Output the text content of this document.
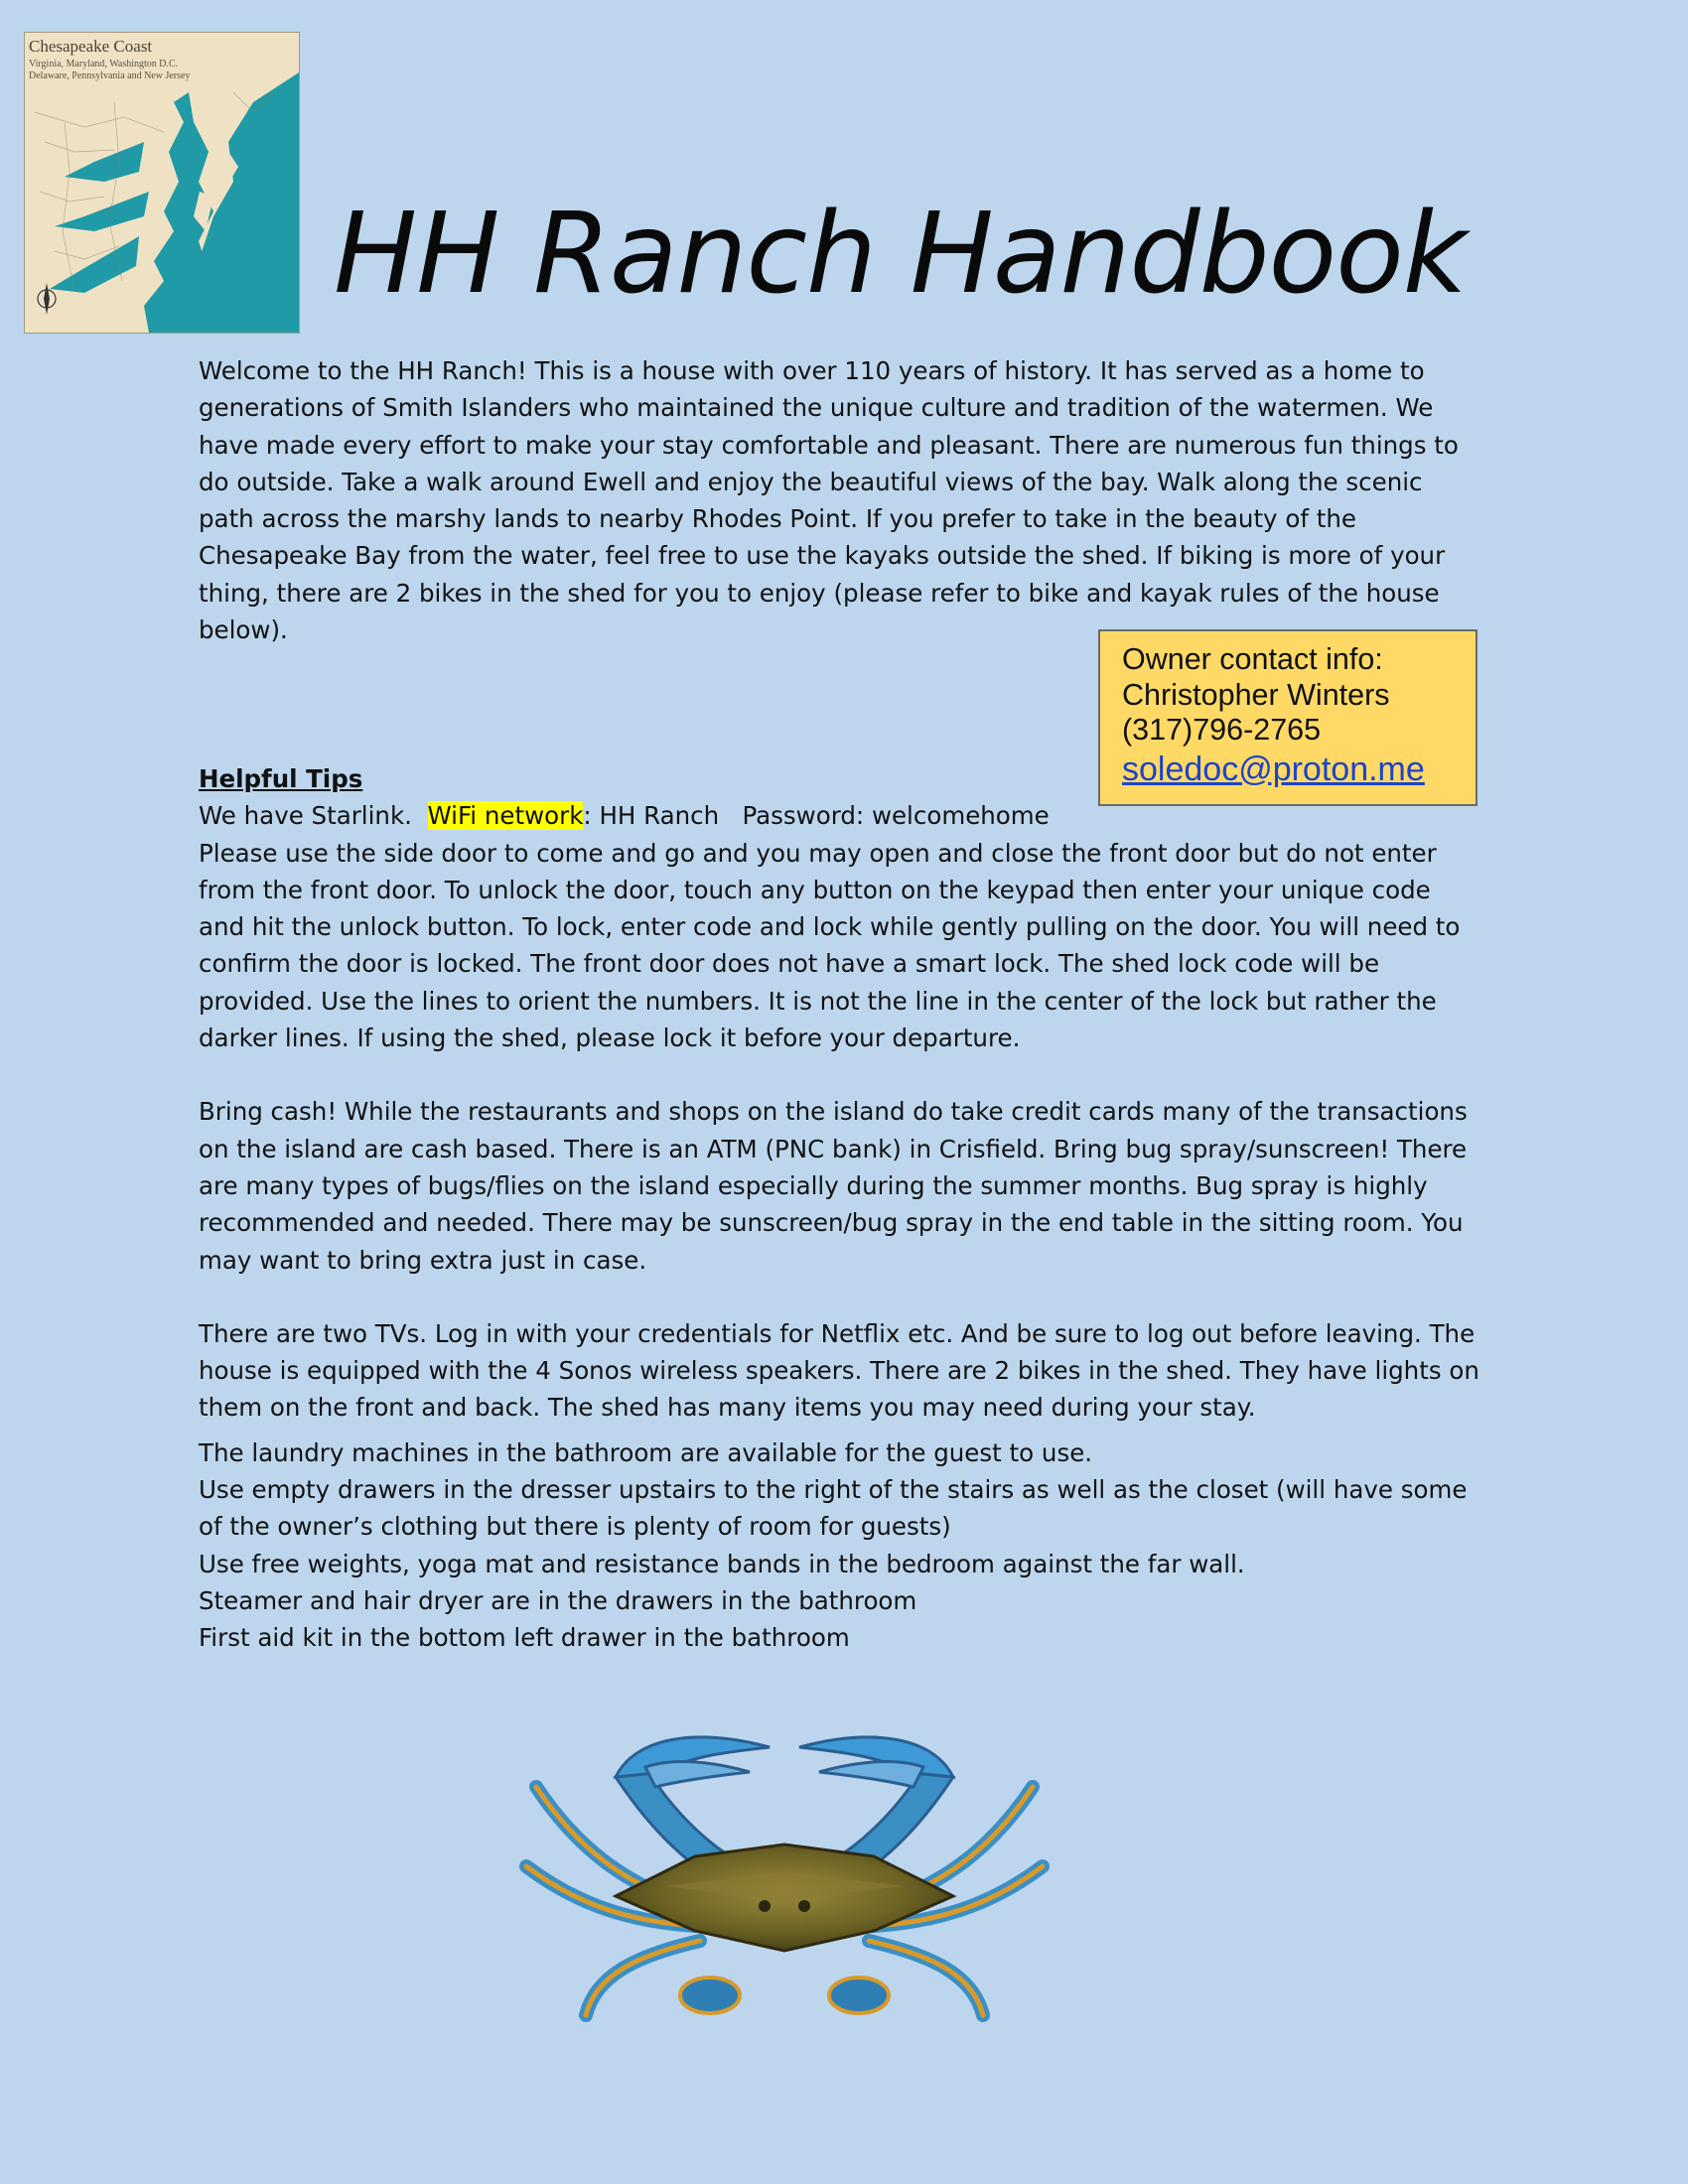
Chesapeake Coast
Virginia, Maryland, Washington D.C.
Delaware, Pennsylvania and New Jersey
HH Ranch Handbook

Welcome to the HH Ranch! This is a house with over 110 years of history. It has served as a home to generations of Smith Islanders who maintained the unique culture and tradition of the watermen. We have made every effort to make your stay comfortable and pleasant. There are numerous fun things to do outside. Take a walk around Ewell and enjoy the beautiful views of the bay. Walk along the scenic path across the marshy lands to nearby Rhodes Point. If you prefer to take in the beauty of the Chesapeake Bay from the water, feel free to use the kayaks outside the shed. If biking is more of your thing, there are 2 bikes in the shed for you to enjoy (please refer to bike and kayak rules of the house below).

Owner contact info:
Christopher Winters
(317)796-2765
soledoc@proton.me

Helpful Tips

We have Starlink.  WiFi network: HH Ranch   Password: welcomehome

Please use the side door to come and go and you may open and close the front door but do not enter from the front door. To unlock the door, touch any button on the keypad then enter your unique code and hit the unlock button. To lock, enter code and lock while gently pulling on the door. You will need to confirm the door is locked. The front door does not have a smart lock. The shed lock code will be provided. Use the lines to orient the numbers. It is not the line in the center of the lock but rather the darker lines. If using the shed, please lock it before your departure.

Bring cash! While the restaurants and shops on the island do take credit cards many of the transactions on the island are cash based. There is an ATM (PNC bank) in Crisfield. Bring bug spray/sunscreen! There are many types of bugs/flies on the island especially during the summer months. Bug spray is highly recommended and needed. There may be sunscreen/bug spray in the end table in the sitting room. You may want to bring extra just in case.

There are two TVs. Log in with your credentials for Netflix etc. And be sure to log out before leaving. The house is equipped with the 4 Sonos wireless speakers. There are 2 bikes in the shed. They have lights on them on the front and back. The shed has many items you may need during your stay.

The laundry machines in the bathroom are available for the guest to use.

Use empty drawers in the dresser upstairs to the right of the stairs as well as the closet (will have some of the owner’s clothing but there is plenty of room for guests)

Use free weights, yoga mat and resistance bands in the bedroom against the far wall.

Steamer and hair dryer are in the drawers in the bathroom

First aid kit in the bottom left drawer in the bathroom
